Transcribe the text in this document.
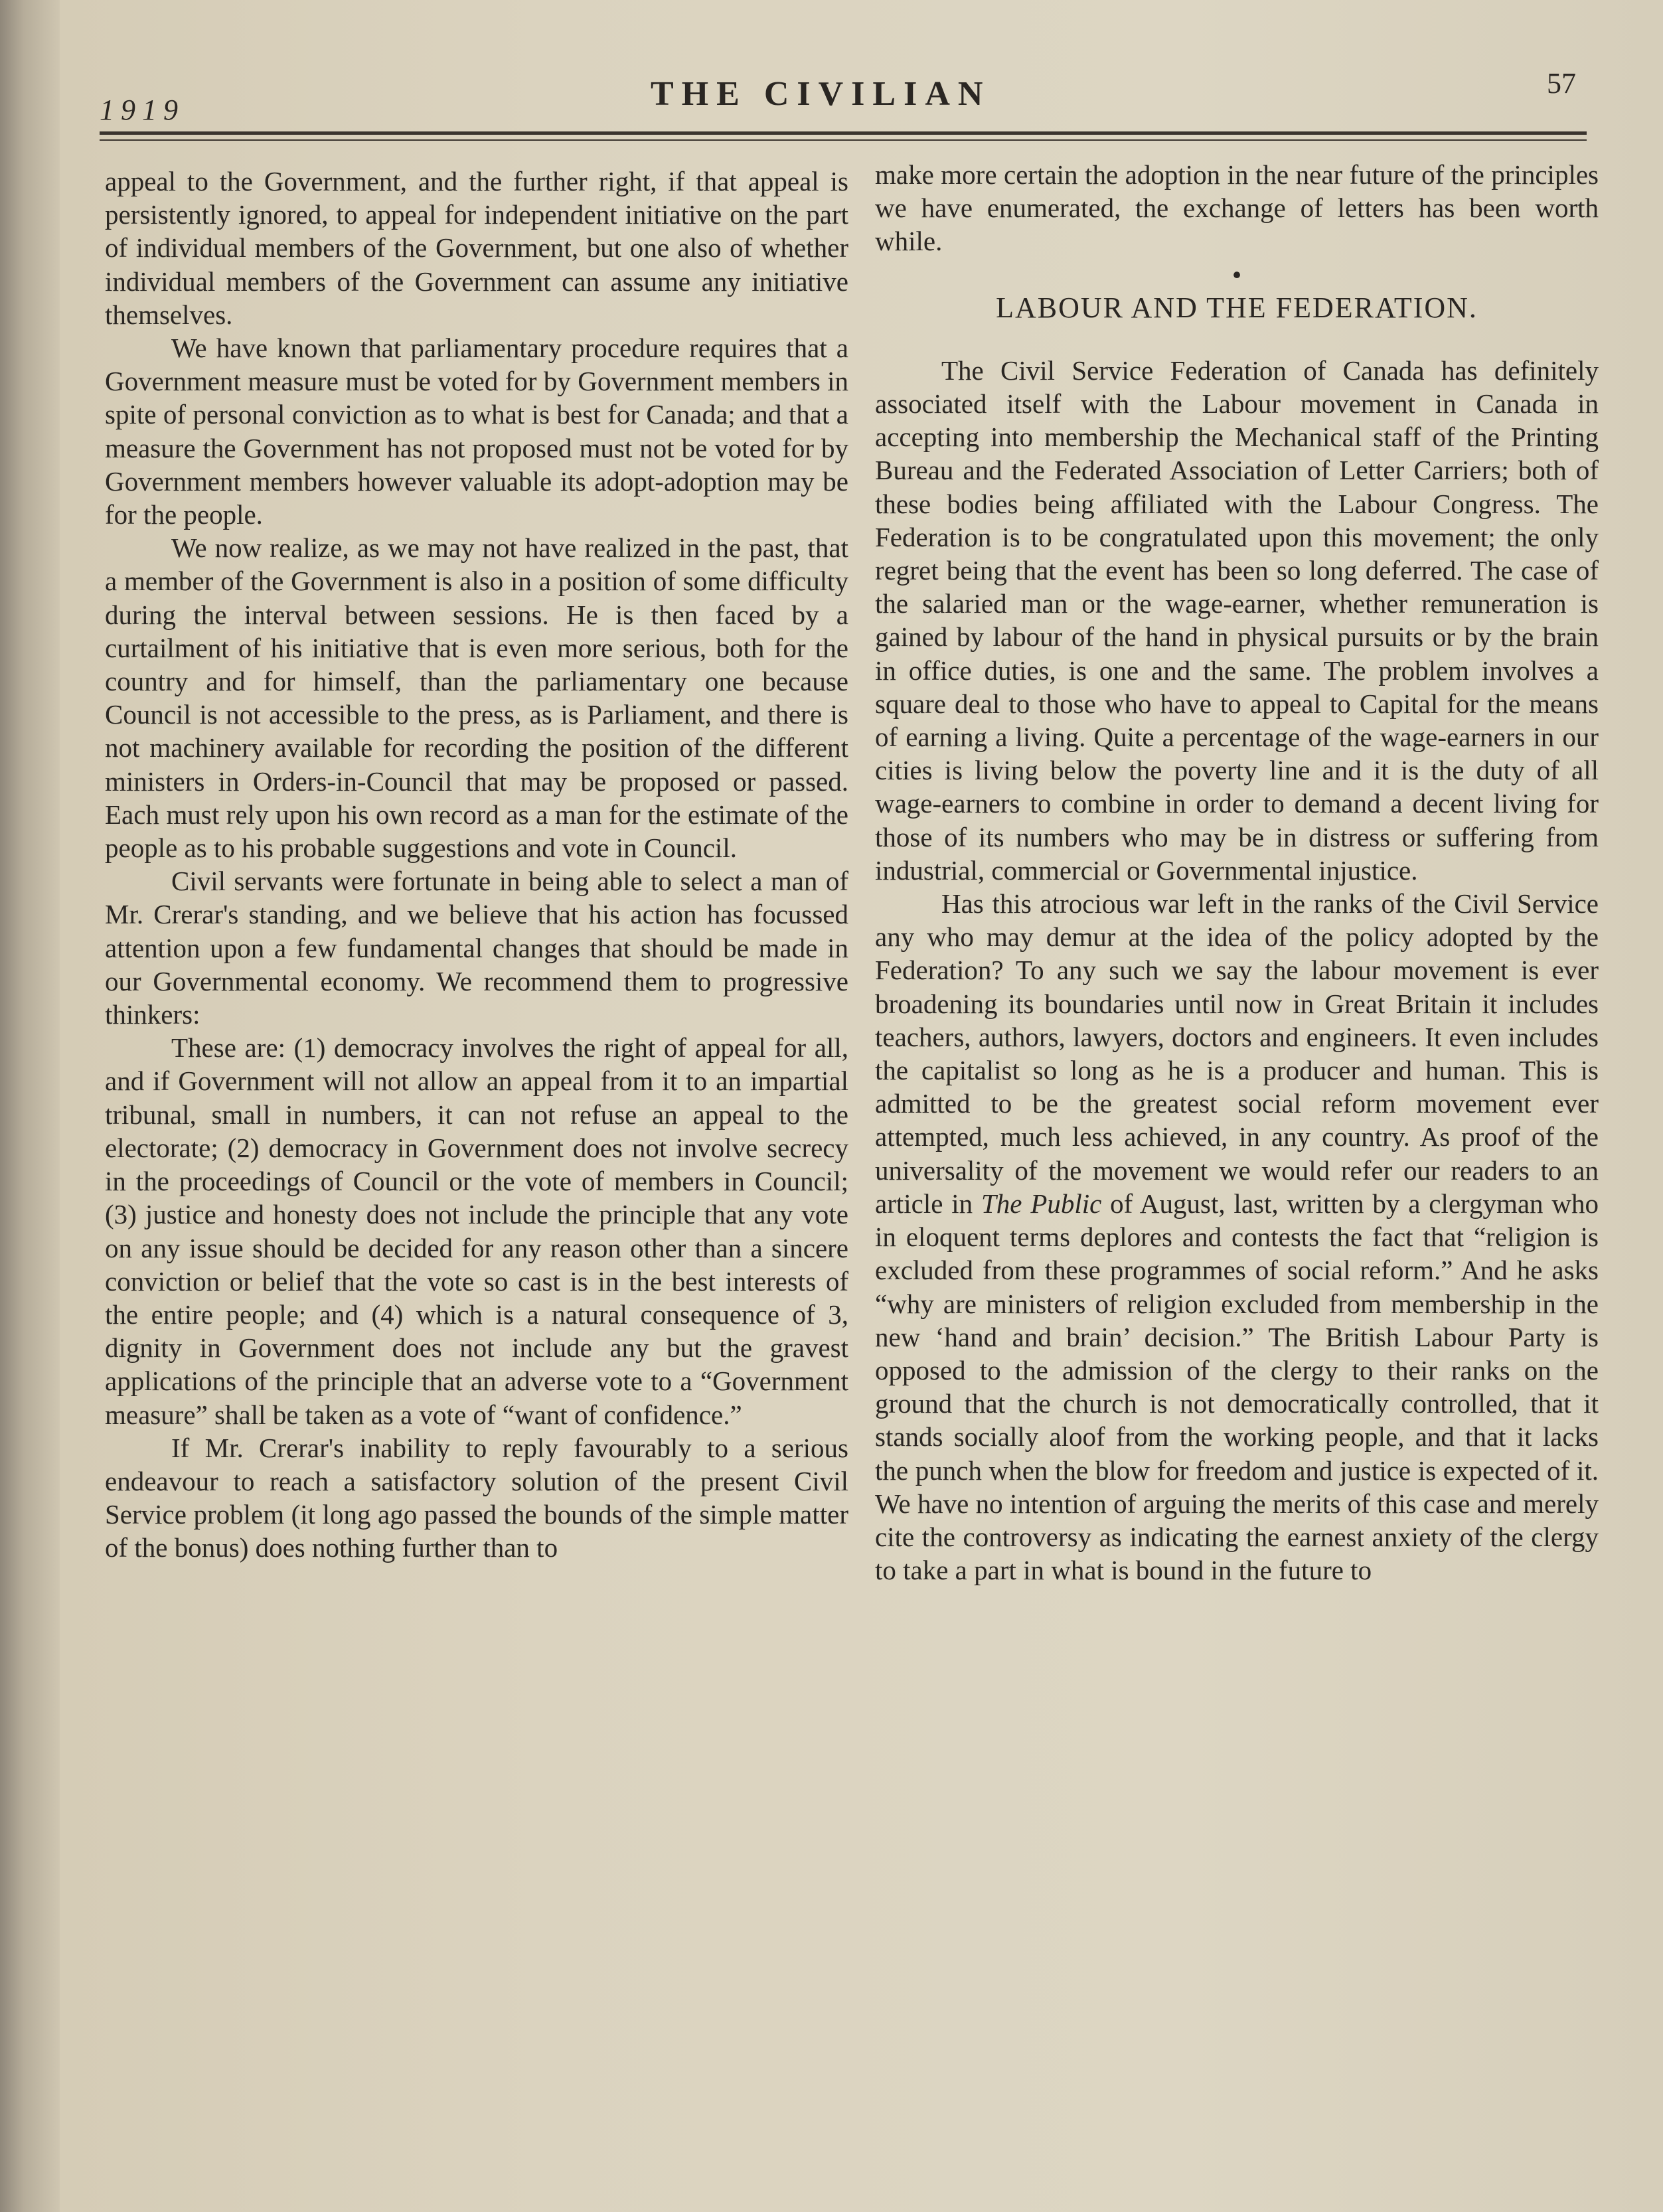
1919	THE CIVILIAN	57

appeal to the Government, and the further right, if that appeal is persistently ignored, to appeal for independent initiative on the part of individual members of the Government, but one also of whether individual members of the Government can assume any initiative themselves.

We have known that parliamentary procedure requires that a Government measure must be voted for by Government members in spite of personal conviction as to what is best for Canada; and that a measure the Government has not proposed must not be voted for by Government members however valuable its adopt-adoption may be for the people.

We now realize, as we may not have realized in the past, that a member of the Government is also in a position of some difficulty during the interval between sessions. He is then faced by a curtailment of his initiative that is even more serious, both for the country and for himself, than the parliamentary one because Council is not accessible to the press, as is Parliament, and there is not machinery available for recording the position of the different ministers in Orders-in-Council that may be proposed or passed. Each must rely upon his own record as a man for the estimate of the people as to his probable suggestions and vote in Council.

Civil servants were fortunate in being able to select a man of Mr. Crerar's standing, and we believe that his action has focussed attention upon a few fundamental changes that should be made in our Governmental economy. We recommend them to progressive thinkers:

These are: (1) democracy involves the right of appeal for all, and if Government will not allow an appeal from it to an impartial tribunal, small in numbers, it can not refuse an appeal to the electorate; (2) democracy in Government does not involve secrecy in the proceedings of Council or the vote of members in Council; (3) justice and honesty does not include the principle that any vote on any issue should be decided for any reason other than a sincere conviction or belief that the vote so cast is in the best interests of the entire people; and (4) which is a natural consequence of 3, dignity in Government does not include any but the gravest applications of the principle that an adverse vote to a “Government measure” shall be taken as a vote of “want of confidence.”

If Mr. Crerar's inability to reply favourably to a serious endeavour to reach a satisfactory solution of the present Civil Service problem (it long ago passed the bounds of the simple matter of the bonus) does nothing further than to

make more certain the adoption in the near future of the principles we have enumerated, the exchange of letters has been worth while.

•

LABOUR AND THE FEDERATION.

The Civil Service Federation of Canada has definitely associated itself with the Labour movement in Canada in accepting into membership the Mechanical staff of the Printing Bureau and the Federated Association of Letter Carriers; both of these bodies being affiliated with the Labour Congress. The Federation is to be congratulated upon this movement; the only regret being that the event has been so long deferred. The case of the salaried man or the wage-earner, whether remuneration is gained by labour of the hand in physical pursuits or by the brain in office duties, is one and the same. The problem involves a square deal to those who have to appeal to Capital for the means of earning a living. Quite a percentage of the wage-earners in our cities is living below the poverty line and it is the duty of all wage-earners to combine in order to demand a decent living for those of its numbers who may be in distress or suffering from industrial, commercial or Governmental injustice.

Has this atrocious war left in the ranks of the Civil Service any who may demur at the idea of the policy adopted by the Federation? To any such we say the labour movement is ever broadening its boundaries until now in Great Britain it includes teachers, authors, lawyers, doctors and engineers. It even includes the capitalist so long as he is a producer and human. This is admitted to be the greatest social reform movement ever attempted, much less achieved, in any country. As proof of the universality of the movement we would refer our readers to an article in The Public of August, last, written by a clergyman who in eloquent terms deplores and contests the fact that “religion is excluded from these programmes of social reform.” And he asks “why are ministers of religion excluded from membership in the new ‘hand and brain’ decision.” The British Labour Party is opposed to the admission of the clergy to their ranks on the ground that the church is not democratically controlled, that it stands socially aloof from the working people, and that it lacks the punch when the blow for freedom and justice is expected of it. We have no intention of arguing the merits of this case and merely cite the controversy as indicating the earnest anxiety of the clergy to take a part in what is bound in the future to
